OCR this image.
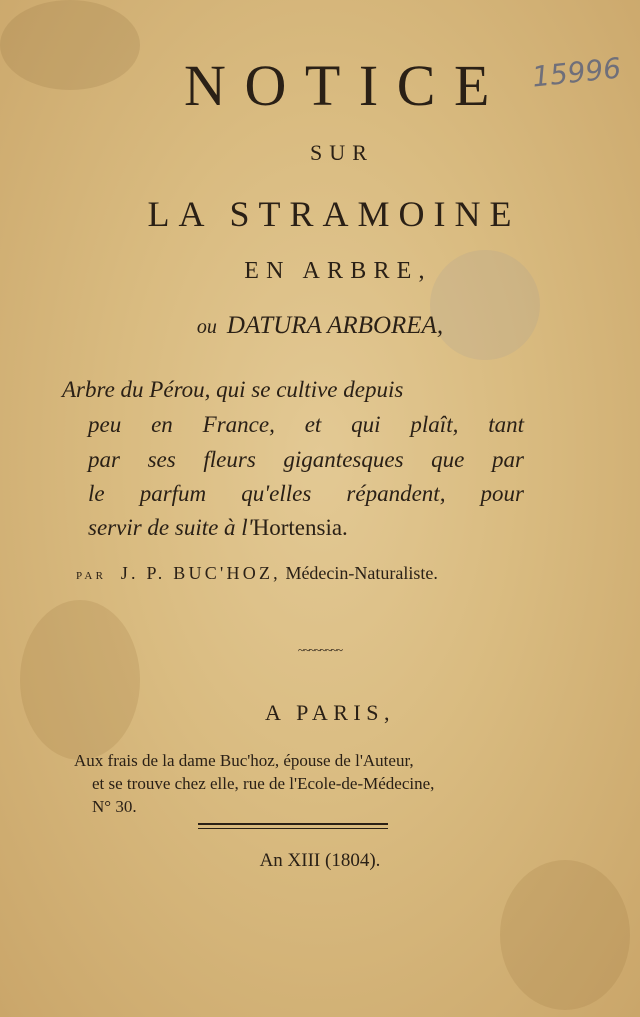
15996
NOTICE
SUR
LA STRAMOINE
EN ARBRE,
ou DATURA ARBOREA,
Arbre du Pérou, qui se cultive depuis
peu en France, et qui plaît, tant
par ses fleurs gigantesques que par
le parfum qu'elles répandent, pour
servir de suite à l'Hortensia.
PAR J. P. BUC'HOZ, Médecin-Naturaliste.
~~~~~~~~
A PARIS,
Aux frais de la dame Buc'hoz, épouse de l'Auteur,
et se trouve chez elle, rue de l'Ecole-de-Médecine,
N° 30.
An XIII (1804).
